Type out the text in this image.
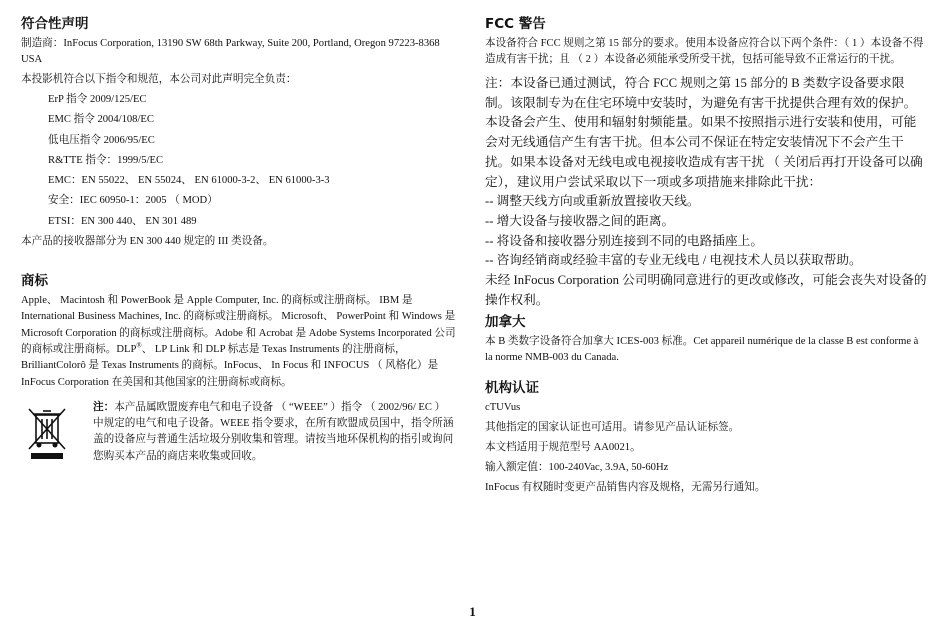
符合性声明

制造商：InFocus Corporation, 13190 SW 68th Parkway, Suite 200, Portland, Oregon 97223-8368 USA

本投影机符合以下指令和规范，本公司对此声明完全负责：

ErP 指令 2009/125/EC
EMC 指令 2004/108/EC
低电压指令 2006/95/EC
R&TTE 指令：1999/5/EC
EMC：EN 55022、 EN 55024、 EN 61000-3-2、 EN 61000-3-3
安全：IEC 60950-1：2005 （ MOD）
ETSI：EN 300 440、 EN 301 489

本产品的接收器部分为 EN 300 440 规定的 III 类设备。

商标

Apple、 Macintosh 和 PowerBook 是 Apple Computer, Inc. 的商标或注册商标。 IBM 是 International Business Machines, Inc. 的商标或注册商标。 Microsoft、 PowerPoint 和 Windows 是 Microsoft Corporation 的商标或注册商标。Adobe 和 Acrobat 是 Adobe Systems Incorporated 公司的商标或注册商标。DLP®、 LP Link 和 DLP 标志是 Texas Instruments 的注册商标， BrilliantColorô 是 Texas Instruments 的商标。InFocus、 In Focus 和 INFOCUS （ 风格化）是 InFocus Corporation 在美国和其他国家的注册商标或商标。

注：本产品属欧盟废弃电气和电子设备 （ “WEEE” ）指令 （ 2002/96/ EC ）中规定的电气和电子设备。WEEE 指令要求，在所有欧盟成员国中，指令所涵盖的设备应与普通生活垃圾分别收集和管理。请按当地环保机构的指引或询问您购买本产品的商店来收集或回收。
FCC 警告

本设备符合 FCC 规则之第 15 部分的要求。使用本设备应符合以下两个条件：（ 1 ）本设备不得造成有害干扰；且 （ 2 ）本设备必须能承受所受干扰，包括可能导致不正常运行的干扰。

注：本设备已通过测试，符合 FCC 规则之第 15 部分的 B 类数字设备要求限制。该限制专为在住宅环境中安装时，为避免有害干扰提供合理有效的保护。本设备会产生、使用和辐射射频能量。如果不按照指示进行安装和使用，可能会对无线通信产生有害干扰。但本公司不保证在特定安装情况下不会产生干扰。如果本设备对无线电或电视接收造成有害干扰 （ 关闭后再打开设备可以确定），建议用户尝试采取以下一项或多项措施来排除此干扰：

-- 调整天线方向或重新放置接收天线。

-- 增大设备与接收器之间的距离。

-- 将设备和接收器分别连接到不同的电路插座上。

-- 咨询经销商或经验丰富的专业无线电 / 电视技术人员以获取帮助。

未经 InFocus Corporation 公司明确同意进行的更改或修改，可能会丧失对设备的操作权利。

加拿大

本 B 类数字设备符合加拿大 ICES-003 标准。Cet appareil numérique de la classe B est conforme à la norme NMB-003 du Canada.

机构认证

cTUVus

其他指定的国家认证也可适用。请参见产品认证标签。

本文档适用于规范型号 AA0021。

输入额定值：100-240Vac, 3.9A, 50-60Hz

InFocus 有权随时变更产品销售内容及规格，无需另行通知。

1
